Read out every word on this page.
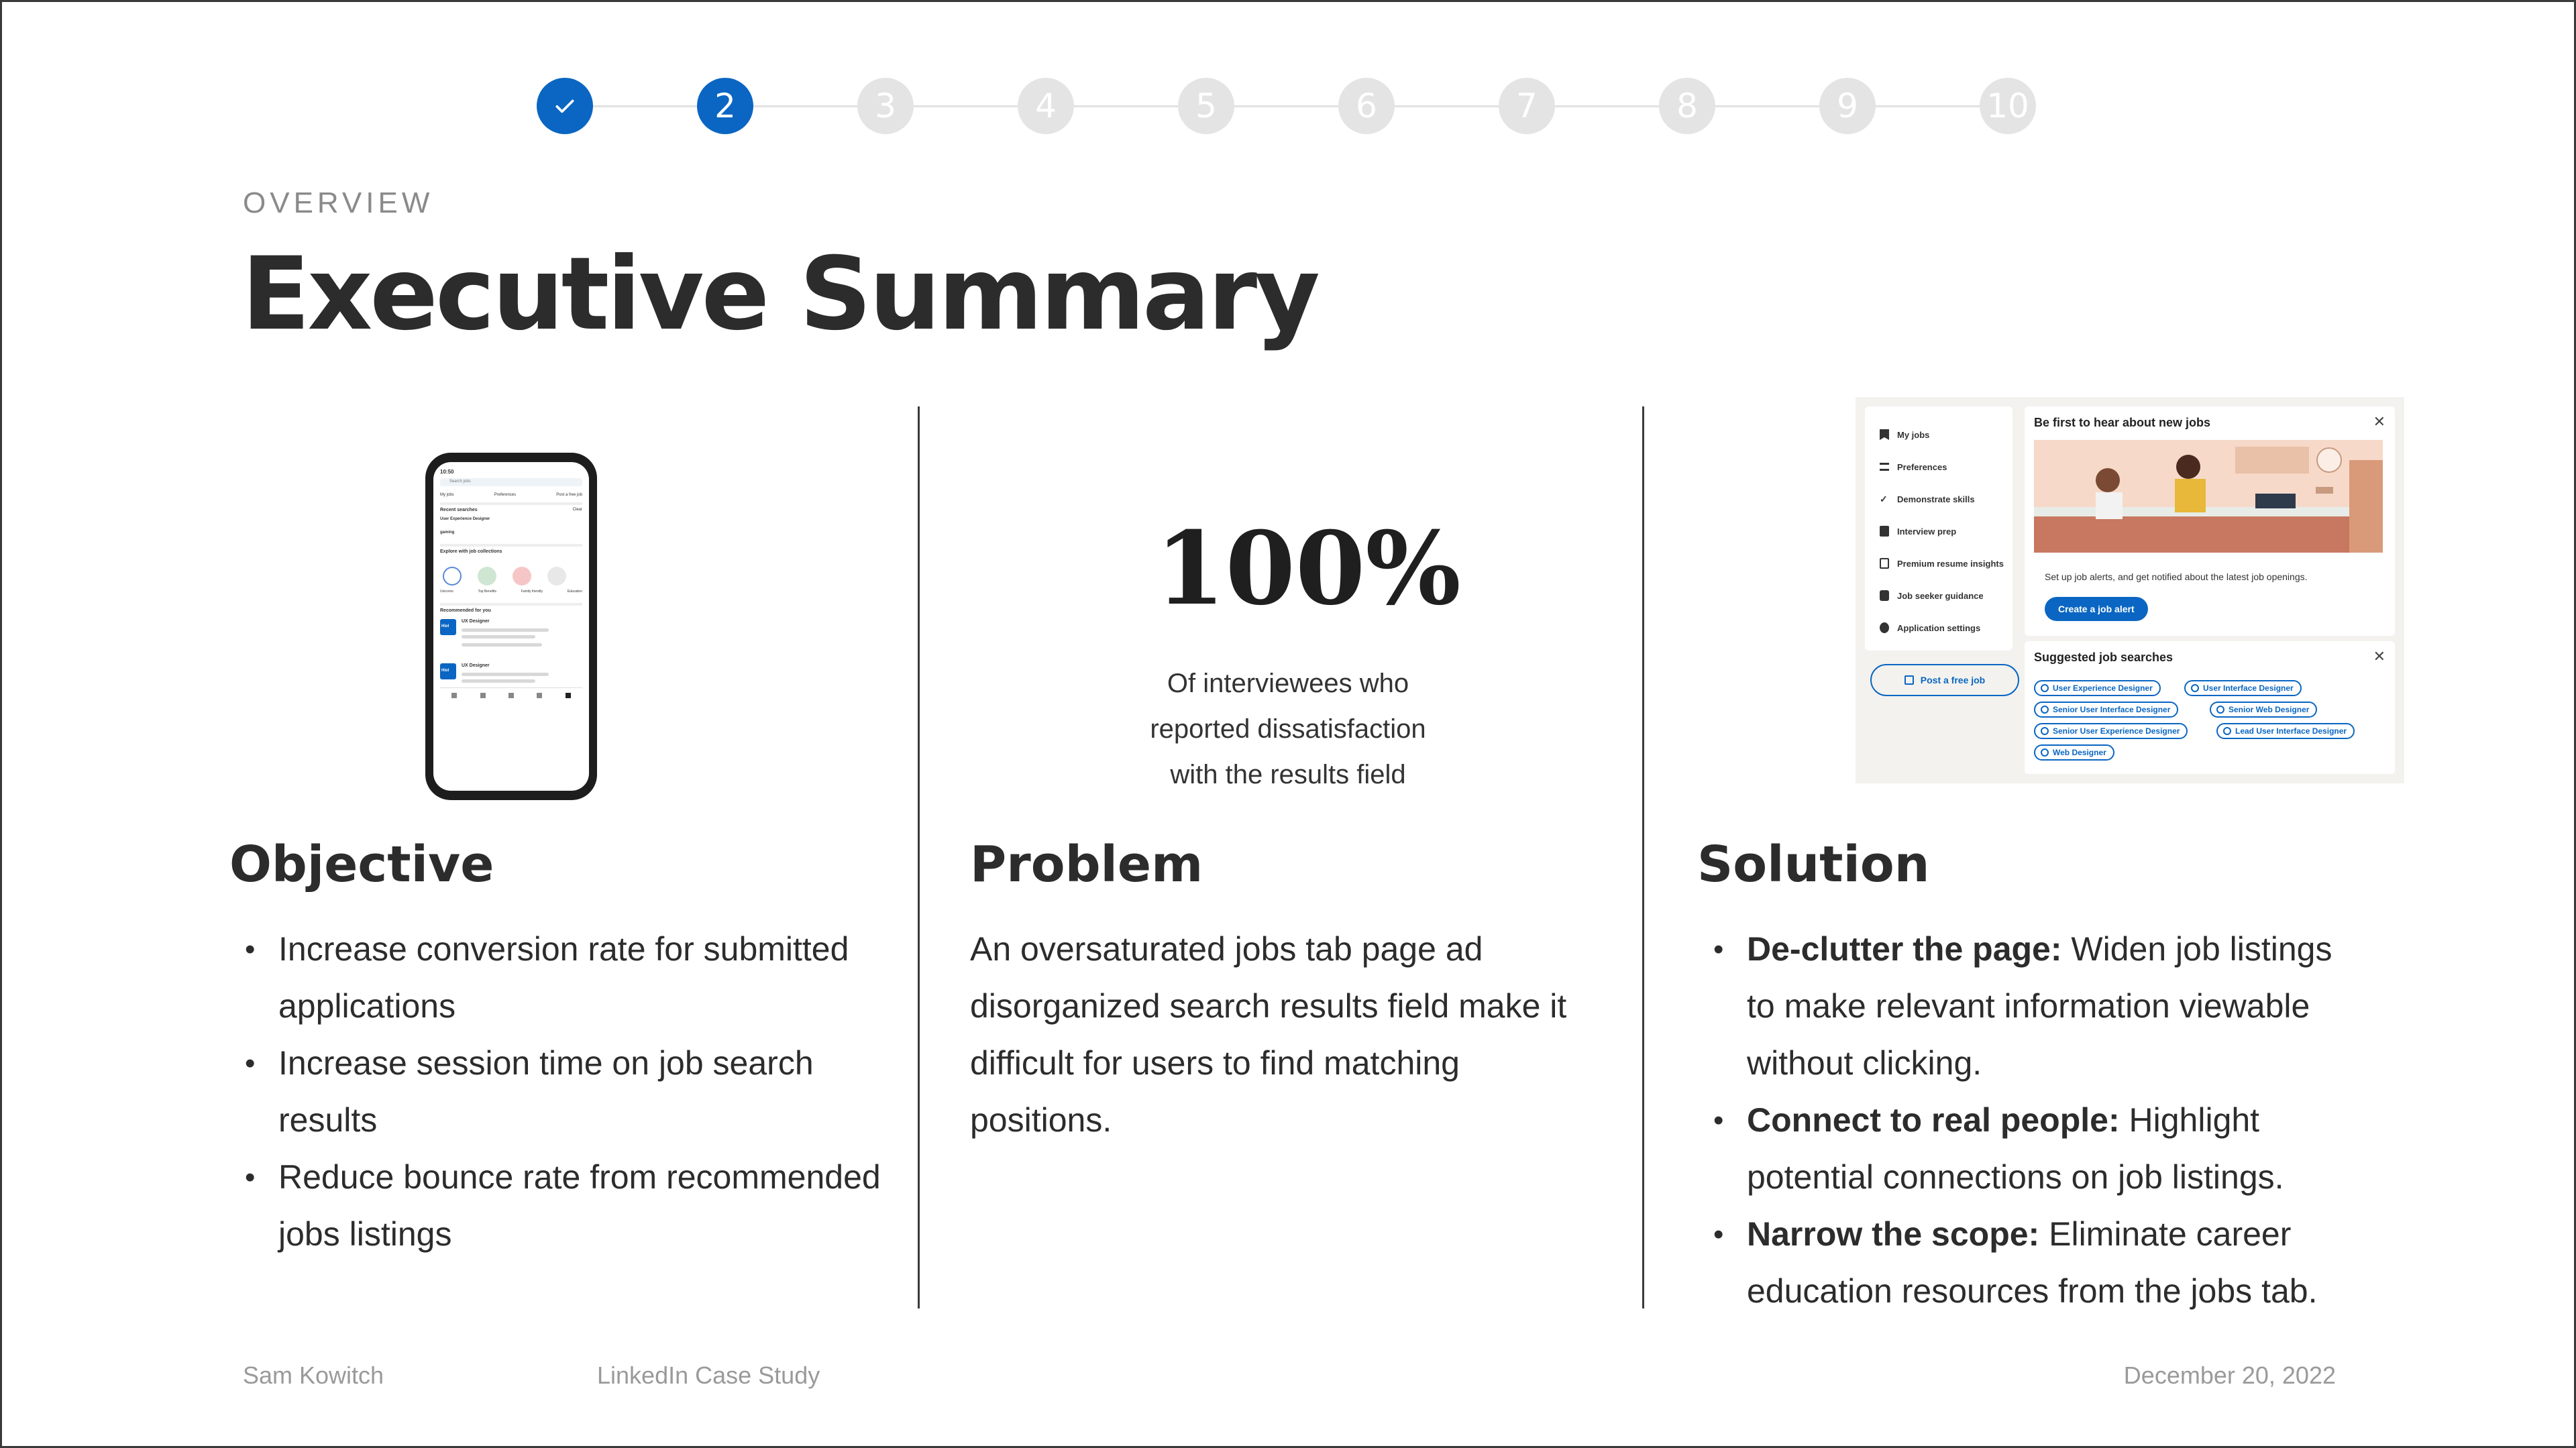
2	3	4	5	6	7	8	9	10
OVERVIEW
Executive Summary
10:50
Search jobs
My jobs	Preferences	Post a free job
Recent searches	Clear
User Experience Designer
gaming
Explore with job collections
Unicorns	Top Benefits	Family friendly	Education
Recommended for you
Hiol
UX Designer
Hiol
UX Designer
100%
Of interviewees who
reported dissatisfaction
with the results field
My jobs
Preferences
✓ Demonstrate skills
Interview prep
Premium resume insights
Job seeker guidance
Application settings
Post a free job
Be first to hear about new jobs	✕
Set up job alerts, and get notified about the latest job openings.
Create a job alert
Suggested job searches	✕
User Experience Designer	User Interface Designer
Senior User Interface Designer	Senior Web Designer
Senior User Experience Designer	Lead User Interface Designer
Web Designer
Objective
• Increase conversion rate for submitted applications
• Increase session time on job search results
• Reduce bounce rate from recommended jobs listings
Problem
An oversaturated jobs tab page ad disorganized search results field make it difficult for users to find matching positions.
Solution
• De-clutter the page: Widen job listings to make relevant information viewable without clicking.
• Connect to real people: Highlight potential connections on job listings.
• Narrow the scope: Eliminate career education resources from the jobs tab.
Sam Kowitch	LinkedIn Case Study	December 20, 2022
